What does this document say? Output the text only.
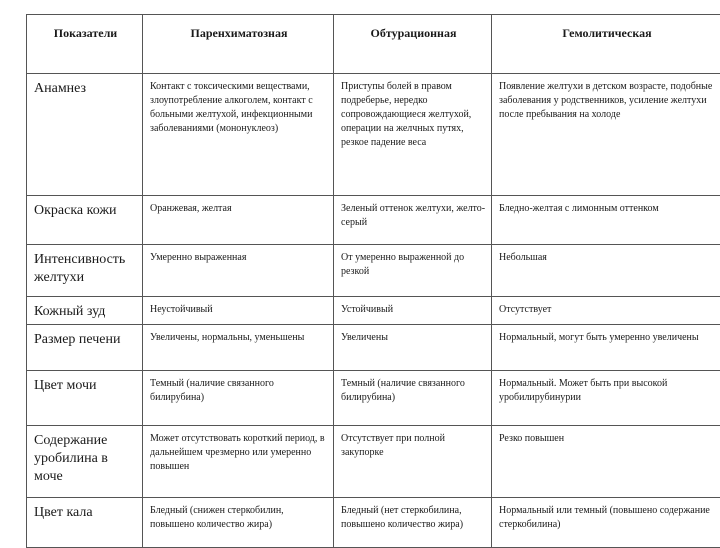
Показатели	Паренхиматозная	Обтурационная	Гемолитическая
Анамнез	Контакт с токсическими веществами, злоупотребление алкоголем, контакт с больными желтухой, инфекционными заболеваниями (мононуклеоз)	Приступы болей в правом подреберье, нередко сопровождающиеся желтухой, операции на желчных путях, резкое падение веса	Появление желтухи в детском возрасте, подобные заболевания у родственников, усиление желтухи после пребывания на холоде
Окраска кожи	Оранжевая, желтая	Зеленый оттенок желтухи, желто-серый	Бледно-желтая с лимонным оттенком
Интенсивность желтухи	Умеренно выраженная	От умеренно выраженной до резкой	Небольшая
Кожный зуд	Неустойчивый	Устойчивый	Отсутствует
Размер печени	Увеличены, нормальны, уменьшены	Увеличены	Нормальный, могут быть умеренно увеличены
Цвет мочи	Темный (наличие связанного билирубина)	Темный (наличие связанного билирубина)	Нормальный. Может быть при высокой уробилирубинурии
Содержание уробилина в моче	Может отсутствовать короткий период, в дальнейшем чрезмерно или умеренно повышен	Отсутствует при полной закупорке	Резко повышен
Цвет кала	Бледный (снижен стеркобилин, повышено количество жира)	Бледный (нет стеркобилина, повышено количество жира)	Нормальный или темный (повышено содержание стеркобилина)
